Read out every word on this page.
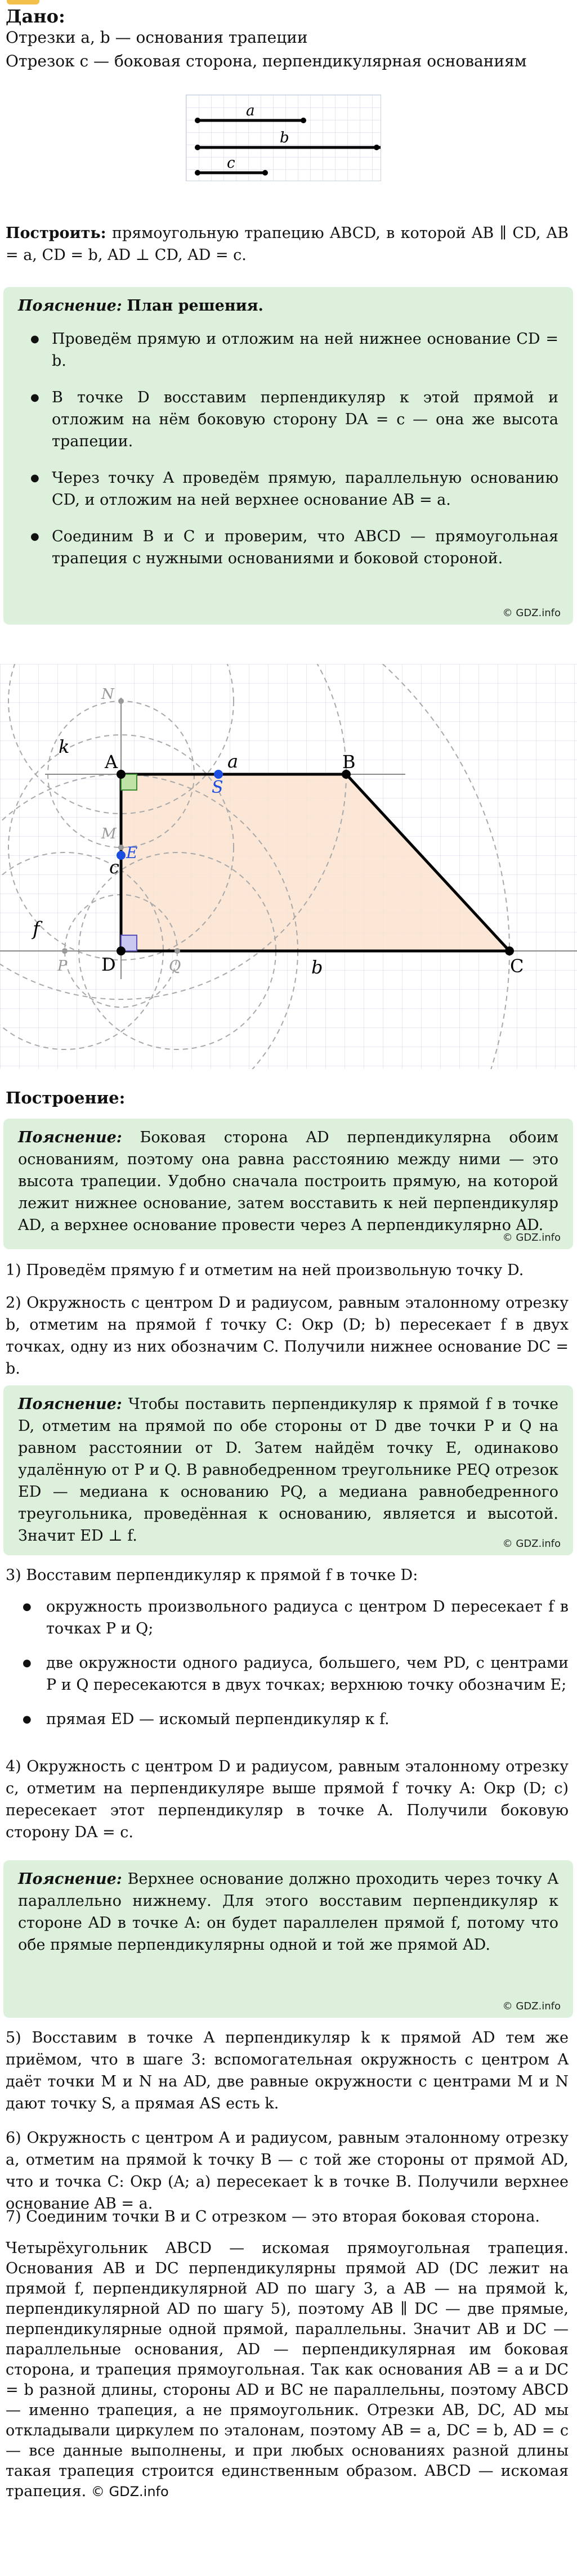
Дано:
Отрезки a, b — основания трапеции
Отрезок c — боковая сторона, перпендикулярная основаниям
a
b
c
Построить: прямоугольную трапецию ABCD, в которой AB ∥ CD, AB = a, CD = b, AD ⊥ CD, AD = c.
Пояснение: План решения.
● Проведём прямую и отложим на ней нижнее основание CD = b.
● В точке D восставим перпендикуляр к этой прямой и отложим на нём боковую сторону DA = c — она же высота трапеции.
● Через точку A проведём прямую, параллельную основанию CD, и отложим на ней верхнее основание AB = a.
● Соединим B и C и проверим, что ABCD — прямоугольная трапеция с нужными основаниями и боковой стороной.
© GDZ.info
N
k
A
S
a	B
M
E
c
f
P D	Q	b	C
Построение:
Пояснение: Боковая сторона AD перпендикулярна обоим основаниям, поэтому она равна расстоянию между ними — это высота трапеции. Удобно сначала построить прямую, на которой лежит нижнее основание, затем восставить к ней перпендикуляр AD, а верхнее основание провести через A перпендикулярно AD.
© GDZ.info
1) Проведём прямую f и отметим на ней произвольную точку D.
2) Окружность с центром D и радиусом, равным эталонному отрезку b, отметим на прямой f точку C: Окр (D; b) пересекает f в двух точках, одну из них обозначим C. Получили нижнее основание DC = b.
Пояснение: Чтобы поставить перпендикуляр к прямой f в точке D, отметим на прямой по обе стороны от D две точки P и Q на равном расстоянии от D. Затем найдём точку E, одинаково удалённую от P и Q. В равнобедренном треугольнике PEQ отрезок ED — медиана к основанию PQ, а медиана равнобедренного треугольника, проведённая к основанию, является и высотой. Значит ED ⊥ f.	© GDZ.info
3) Восставим перпендикуляр к прямой f в точке D:
● окружность произвольного радиуса с центром D пересекает f в точках P и Q;
● две окружности одного радиуса, большего, чем PD, с центрами P и Q пересекаются в двух точках; верхнюю точку обозначим E;
● прямая ED — искомый перпендикуляр к f.
4) Окружность с центром D и радиусом, равным эталонному отрезку c, отметим на перпендикуляре выше прямой f точку A: Окр (D; c) пересекает этот перпендикуляр в точке A. Получили боковую сторону DA = c.
Пояснение: Верхнее основание должно проходить через точку A параллельно нижнему. Для этого восставим перпендикуляр к стороне AD в точке A: он будет параллелен прямой f, потому что обе прямые перпендикулярны одной и той же прямой AD.
© GDZ.info
5) Восставим в точке A перпендикуляр k к прямой AD тем же приёмом, что в шаге 3: вспомогательная окружность с центром A даёт точки M и N на AD, две равные окружности с центрами M и N дают точку S, а прямая AS есть k.
6) Окружность с центром A и радиусом, равным эталонному отрезку a, отметим на прямой k точку B — с той же стороны от прямой AD, что и точка C: Окр (A; a) пересекает k в точке B. Получили верхнее основание AB = a.
7) Соединим точки B и C отрезком — это вторая боковая сторона.
Четырёхугольник ABCD — искомая прямоугольная трапеция. Основания AB и DC перпендикулярны прямой AD (DC лежит на прямой f, перпендикулярной AD по шагу 3, а AB — на прямой k, перпендикулярной AD по шагу 5), поэтому AB ∥ DC — две прямые, перпендикулярные одной прямой, параллельны. Значит AB и DC — параллельные основания, AD — перпендикулярная им боковая сторона, и трапеция прямоугольная. Так как основания AB = a и DC = b разной длины, стороны AD и BC не параллельны, поэтому ABCD — именно трапеция, а не прямоугольник. Отрезки AB, DC, AD мы откладывали циркулем по эталонам, поэтому AB = a, DC = b, AD = c — все данные выполнены, и при любых основаниях разной длины такая трапеция строится единственным образом. ABCD — искомая трапеция. © GDZ.info
